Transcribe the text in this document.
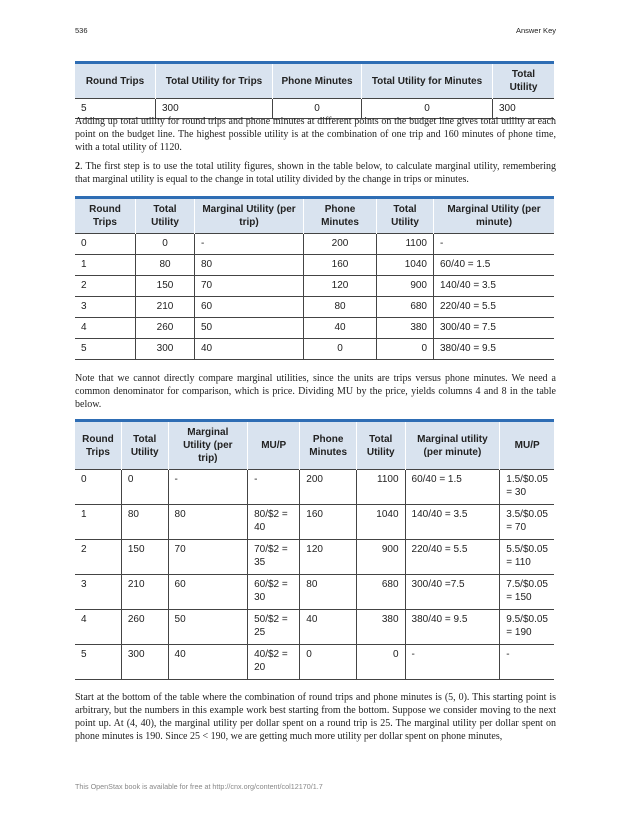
536	Answer Key
Round Trips	Total Utility for Trips	Phone Minutes	Total Utility for Minutes	Total Utility
5	300	0	0	300

Adding up total utility for round trips and phone minutes at different points on the budget line gives total utility at each point on the budget line. The highest possible utility is at the combination of one trip and 160 minutes of phone time, with a total utility of 1120.

2. The first step is to use the total utility figures, shown in the table below, to calculate marginal utility, remembering that marginal utility is equal to the change in total utility divided by the change in trips or minutes.

Round Trips	Total Utility	Marginal Utility (per trip)	Phone Minutes	Total Utility	Marginal Utility (per minute)
0	0	-	200	1100	-
1	80	80	160	1040	60/40 = 1.5
2	150	70	120	900	140/40 = 3.5
3	210	60	80	680	220/40 = 5.5
4	260	50	40	380	300/40 = 7.5
5	300	40	0	0	380/40 = 9.5

Note that we cannot directly compare marginal utilities, since the units are trips versus phone minutes. We need a common denominator for comparison, which is price. Dividing MU by the price, yields columns 4 and 8 in the table below.

Round Trips	Total Utility	Marginal Utility (per trip)	MU/P	Phone Minutes	Total Utility	Marginal utility (per minute)	MU/P
0	0	-	-	200	1100	60/40 = 1.5	1.5/$0.05 = 30
1	80	80	80/$2 = 40	160	1040	140/40 = 3.5	3.5/$0.05 = 70
2	150	70	70/$2 = 35	120	900	220/40 = 5.5	5.5/$0.05 = 110
3	210	60	60/$2 = 30	80	680	300/40 =7.5	7.5/$0.05 = 150
4	260	50	50/$2 = 25	40	380	380/40 = 9.5	9.5/$0.05 = 190
5	300	40	40/$2 = 20	0	0	-	-

Start at the bottom of the table where the combination of round trips and phone minutes is (5, 0). This starting point is arbitrary, but the numbers in this example work best starting from the bottom. Suppose we consider moving to the next point up. At (4, 40), the marginal utility per dollar spent on a round trip is 25. The marginal utility per dollar spent on phone minutes is 190. Since 25 < 190, we are getting much more utility per dollar spent on phone minutes,

This OpenStax book is available for free at http://cnx.org/content/col12170/1.7
